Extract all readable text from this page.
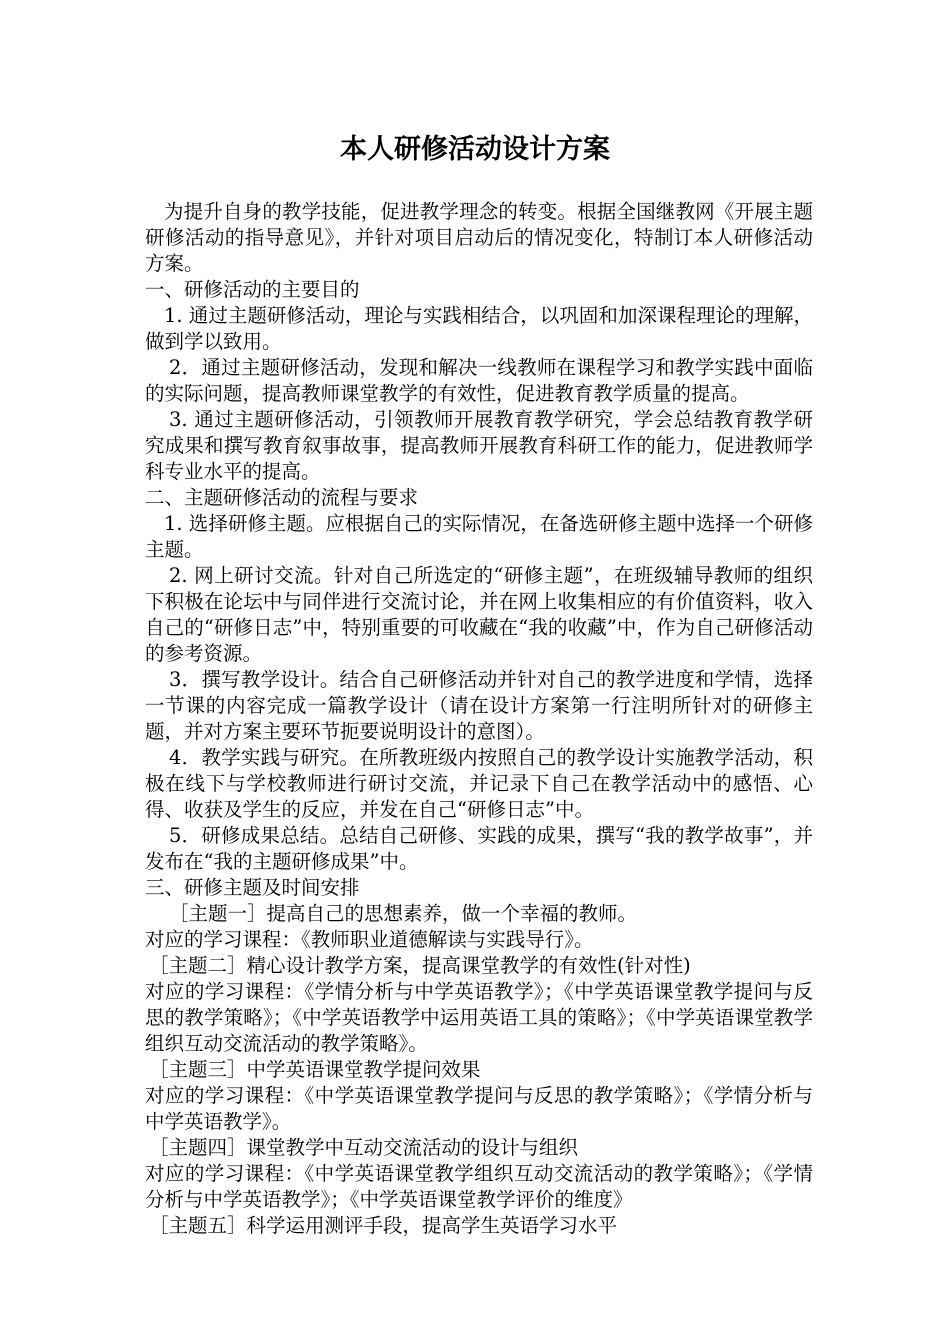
本人研修活动设计方案

为提升自身的教学技能，促进教学理念的转变。根据全国继教网《开展主题研修活动的指导意见》，并针对项目启动后的情况变化，特制订本人研修活动方案。

一、研修活动的主要目的

1. 通过主题研修活动，理论与实践相结合，以巩固和加深课程理论的理解，做到学以致用。

2．通过主题研修活动，发现和解决一线教师在课程学习和教学实践中面临的实际问题，提高教师课堂教学的有效性，促进教育教学质量的提高。

3. 通过主题研修活动，引领教师开展教育教学研究，学会总结教育教学研究成果和撰写教育叙事故事，提高教师开展教育科研工作的能力，促进教师学科专业水平的提高。

二、主题研修活动的流程与要求

1. 选择研修主题。应根据自己的实际情况，在备选研修主题中选择一个研修主题。

2. 网上研讨交流。针对自己所选定的“研修主题”，在班级辅导教师的组织下积极在论坛中与同伴进行交流讨论，并在网上收集相应的有价值资料，收入自己的“研修日志”中，特别重要的可收藏在“我的收藏”中，作为自己研修活动的参考资源。

3．撰写教学设计。结合自己研修活动并针对自己的教学进度和学情，选择一节课的内容完成一篇教学设计（请在设计方案第一行注明所针对的研修主题，并对方案主要环节扼要说明设计的意图）。

4．教学实践与研究。在所教班级内按照自己的教学设计实施教学活动，积极在线下与学校教师进行研讨交流，并记录下自己在教学活动中的感悟、心得、收获及学生的反应，并发在自己“研修日志”中。

5．研修成果总结。总结自己研修、实践的成果，撰写“我的教学故事”，并发布在“我的主题研修成果”中。

三、研修主题及时间安排

［主题一］提高自己的思想素养，做一个幸福的教师。

对应的学习课程：《教师职业道德解读与实践导行》。

［主题二］精心设计教学方案，提高课堂教学的有效性(针对性)

对应的学习课程：《学情分析与中学英语教学》；《中学英语课堂教学提问与反思的教学策略》；《中学英语教学中运用英语工具的策略》；《中学英语课堂教学组织互动交流活动的教学策略》。

［主题三］中学英语课堂教学提问效果

对应的学习课程：《中学英语课堂教学提问与反思的教学策略》；《学情分析与中学英语教学》。

［主题四］课堂教学中互动交流活动的设计与组织

对应的学习课程：《中学英语课堂教学组织互动交流活动的教学策略》；《学情分析与中学英语教学》；《中学英语课堂教学评价的维度》

［主题五］科学运用测评手段，提高学生英语学习水平
